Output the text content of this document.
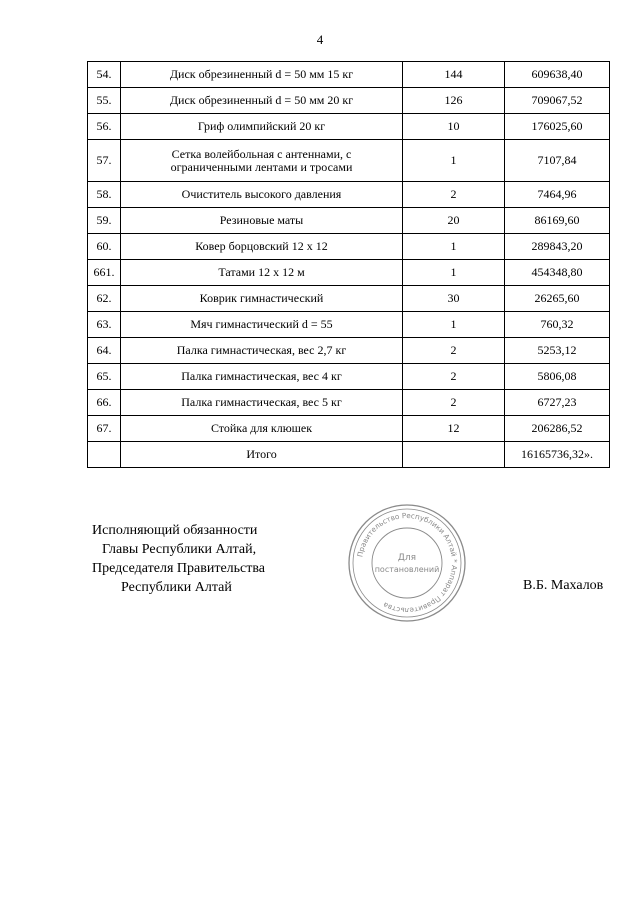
4
54.	Диск обрезиненный d = 50 мм 15 кг	144	609638,40
55.	Диск обрезиненный d = 50 мм 20 кг	126	709067,52
56.	Гриф олимпийский 20 кг	10	176025,60
57.	Сетка волейбольная с антеннами, с
ограниченными лентами и тросами	1	7107,84
58.	Очиститель высокого давления	2	7464,96
59.	Резиновые маты	20	86169,60
60.	Ковер борцовский 12 х 12	1	289843,20
661.	Татами 12 х 12 м	1	454348,80
62.	Коврик гимнастический	30	26265,60
63.	Мяч гимнастический d = 55	1	760,32
64.	Палка гимнастическая, вес 2,7 кг	2	5253,12
65.	Палка гимнастическая, вес 4 кг	2	5806,08
66.	Палка гимнастическая, вес 5 кг	2	6727,23
67.	Стойка для клюшек	12	206286,52
	Итого		16165736,32».
Исполняющий обязанности
Главы Республики Алтай,
Председателя Правительства
Республики Алтай
Правительство Республики Алтай * Аппарат Правительства
Для
постановлений
В.Б. Махалов
